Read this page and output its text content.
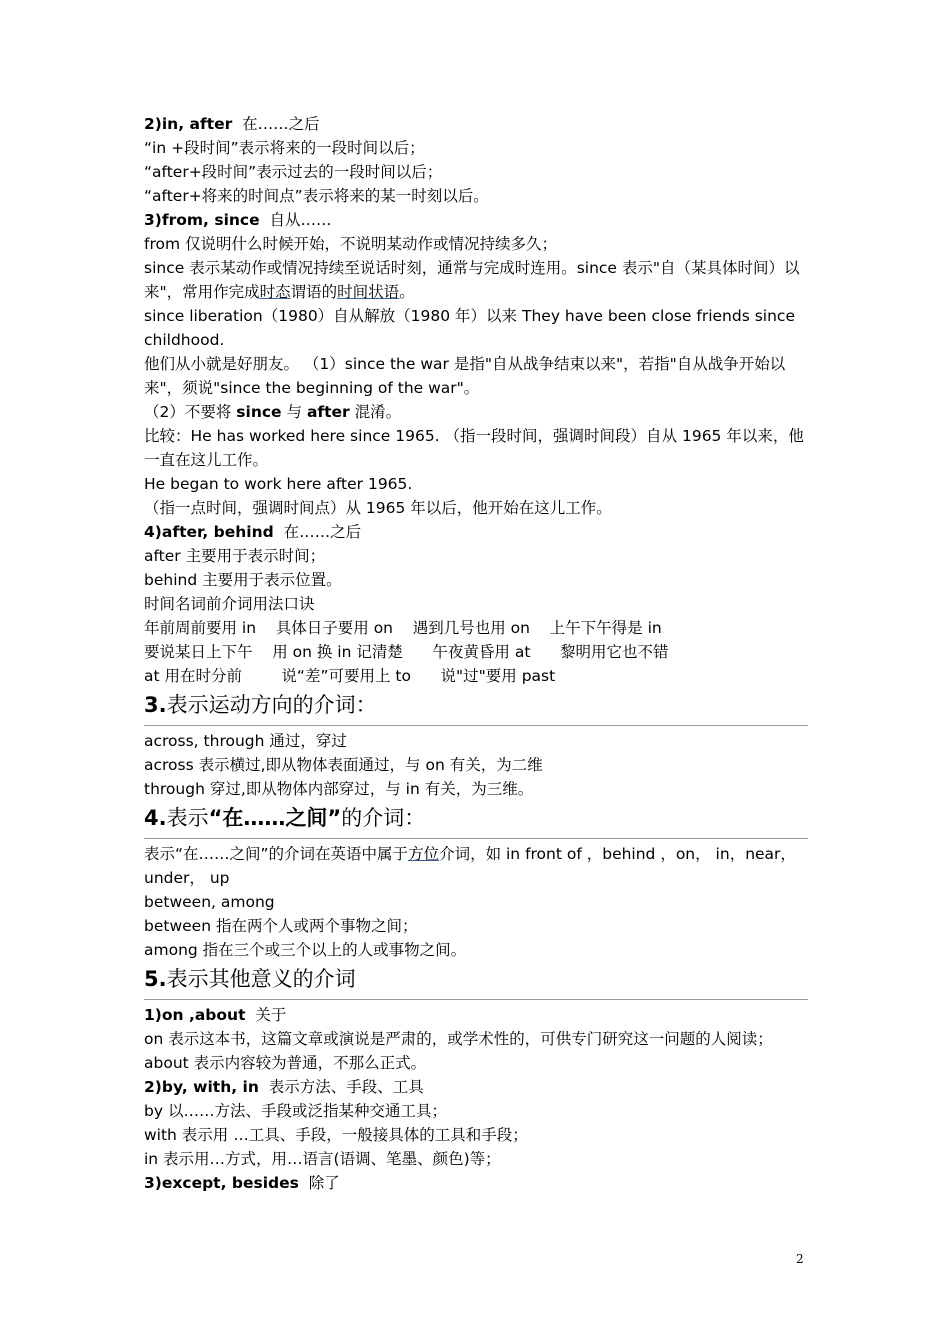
2)in, after 在……之后
“in +段时间”表示将来的一段时间以后；
“after+段时间”表示过去的一段时间以后；
“after+将来的时间点”表示将来的某一时刻以后。
3)from, since 自从……
from 仅说明什么时候开始，不说明某动作或情况持续多久；
since 表示某动作或情况持续至说话时刻，通常与完成时连用。since 表示"自（某具体时间）以来"，常用作完成时态谓语的时间状语。
since liberation（1980）自从解放（1980 年）以来 They have been close friends since childhood.
他们从小就是好朋友。 （1）since the war 是指"自从战争结束以来"，若指"自从战争开始以来"，须说"since the beginning of the war"。
（2）不要将 since 与 after 混淆。
比较：He has worked here since 1965. （指一段时间，强调时间段）自从 1965 年以来，他一直在这儿工作。
He began to work here after 1965.
（指一点时间，强调时间点）从 1965 年以后，他开始在这儿工作。
4)after, behind 在……之后
after 主要用于表示时间；
behind 主要用于表示位置。
时间名词前介词用法口诀
年前周前要用 in    具体日子要用 on    遇到几号也用 on    上午下午得是 in
要说某日上下午    用 on 换 in 记清楚      午夜黄昏用 at      黎明用它也不错
at 用在时分前        说“差”可要用上 to      说"过"要用 past
3.表示运动方向的介词：
across, through 通过，穿过
across 表示横过,即从物体表面通过，与 on 有关，为二维
through 穿过,即从物体内部穿过，与 in 有关，为三维。
4.表示“在……之间”的介词：
表示“在……之间”的介词在英语中属于方位介词，如 in front of ，behind ，on， in，near， under， up
between, among
between 指在两个人或两个事物之间；
among 指在三个或三个以上的人或事物之间。
5.表示其他意义的介词
1)on ,about 关于
on 表示这本书，这篇文章或演说是严肃的，或学术性的，可供专门研究这一问题的人阅读；
about 表示内容较为普通，不那么正式。
2)by, with, in 表示方法、手段、工具
by 以……方法、手段或泛指某种交通工具；
with 表示用 …工具、手段，一般接具体的工具和手段；
in 表示用…方式，用…语言(语调、笔墨、颜色)等；
3)except, besides 除了
2
